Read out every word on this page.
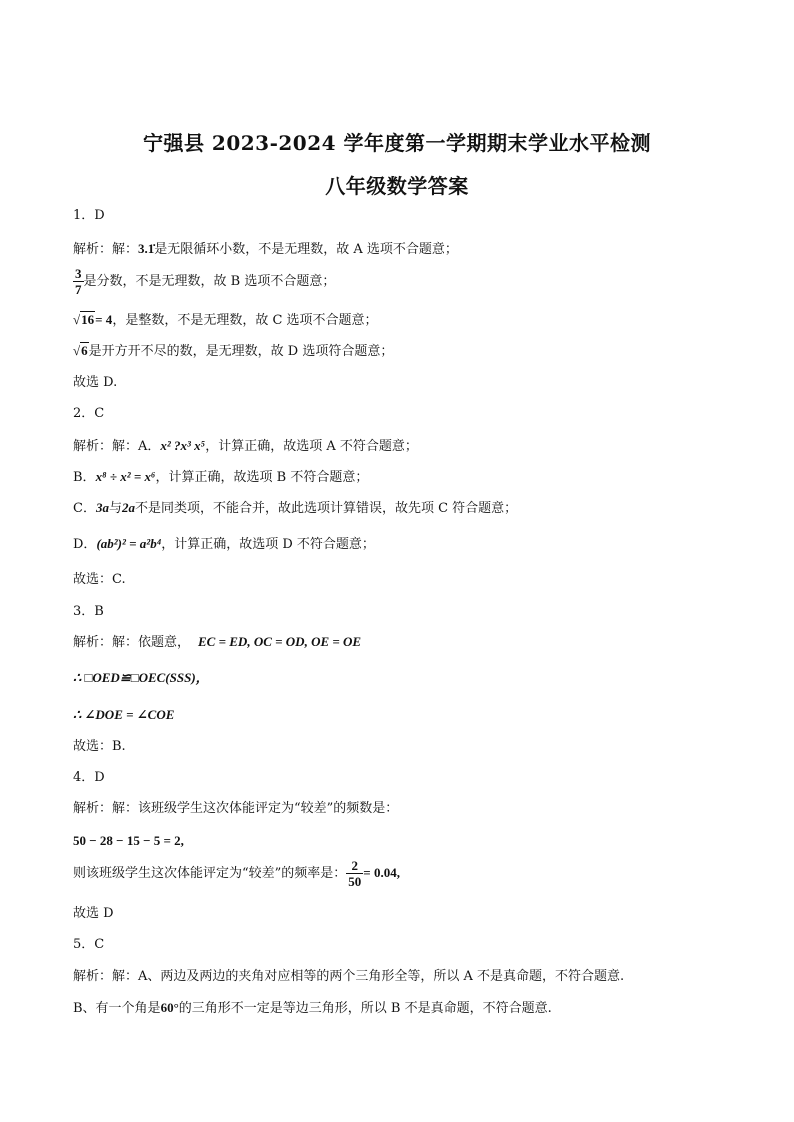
宁强县 2023-2024 学年度第一学期期末学业水平检测
八年级数学答案
1．D
解析：解：3.1̇是无限循环小数，不是无理数，故 A 选项不合题意；
$\frac{3}{7}$ 是分数，不是无理数，故 B 选项不合题意；
√16= 4，是整数，不是无理数，故 C 选项不合题意；
√6是开方开不尽的数，是无理数，故 D 选项符合题意；
故选 D.
2．C
解析：解：A．x² ?x³ x⁵，计算正确，故选项 A 不符合题意；
B．x⁸ ÷ x² = x⁶，计算正确，故选项 B 不符合题意；
C．3a与2a不是同类项，不能合并，故此选项计算错误，故先项 C 符合题意；
D．(ab²)² = a²b⁴，计算正确，故选项 D 不符合题意；
故选：C.
3．B
解析：解：依题意， EC = ED, OC = OD, OE = OE
∴ □OED≌□OEC(SSS)，
∴ ∠DOE = ∠COE
故选：B.
4．D
解析：解：该班级学生这次体能评定为“较差”的频数是：
50 − 28 − 15 − 5 = 2,
则该班级学生这次体能评定为“较差”的频率是： $\frac{2}{50} = 0.04$,
故选 D
5．C
解析：解：A、两边及两边的夹角对应相等的两个三角形全等，所以 A 不是真命题，不符合题意.
B、有一个角是60°的三角形不一定是等边三角形，所以 B 不是真命题，不符合题意.
